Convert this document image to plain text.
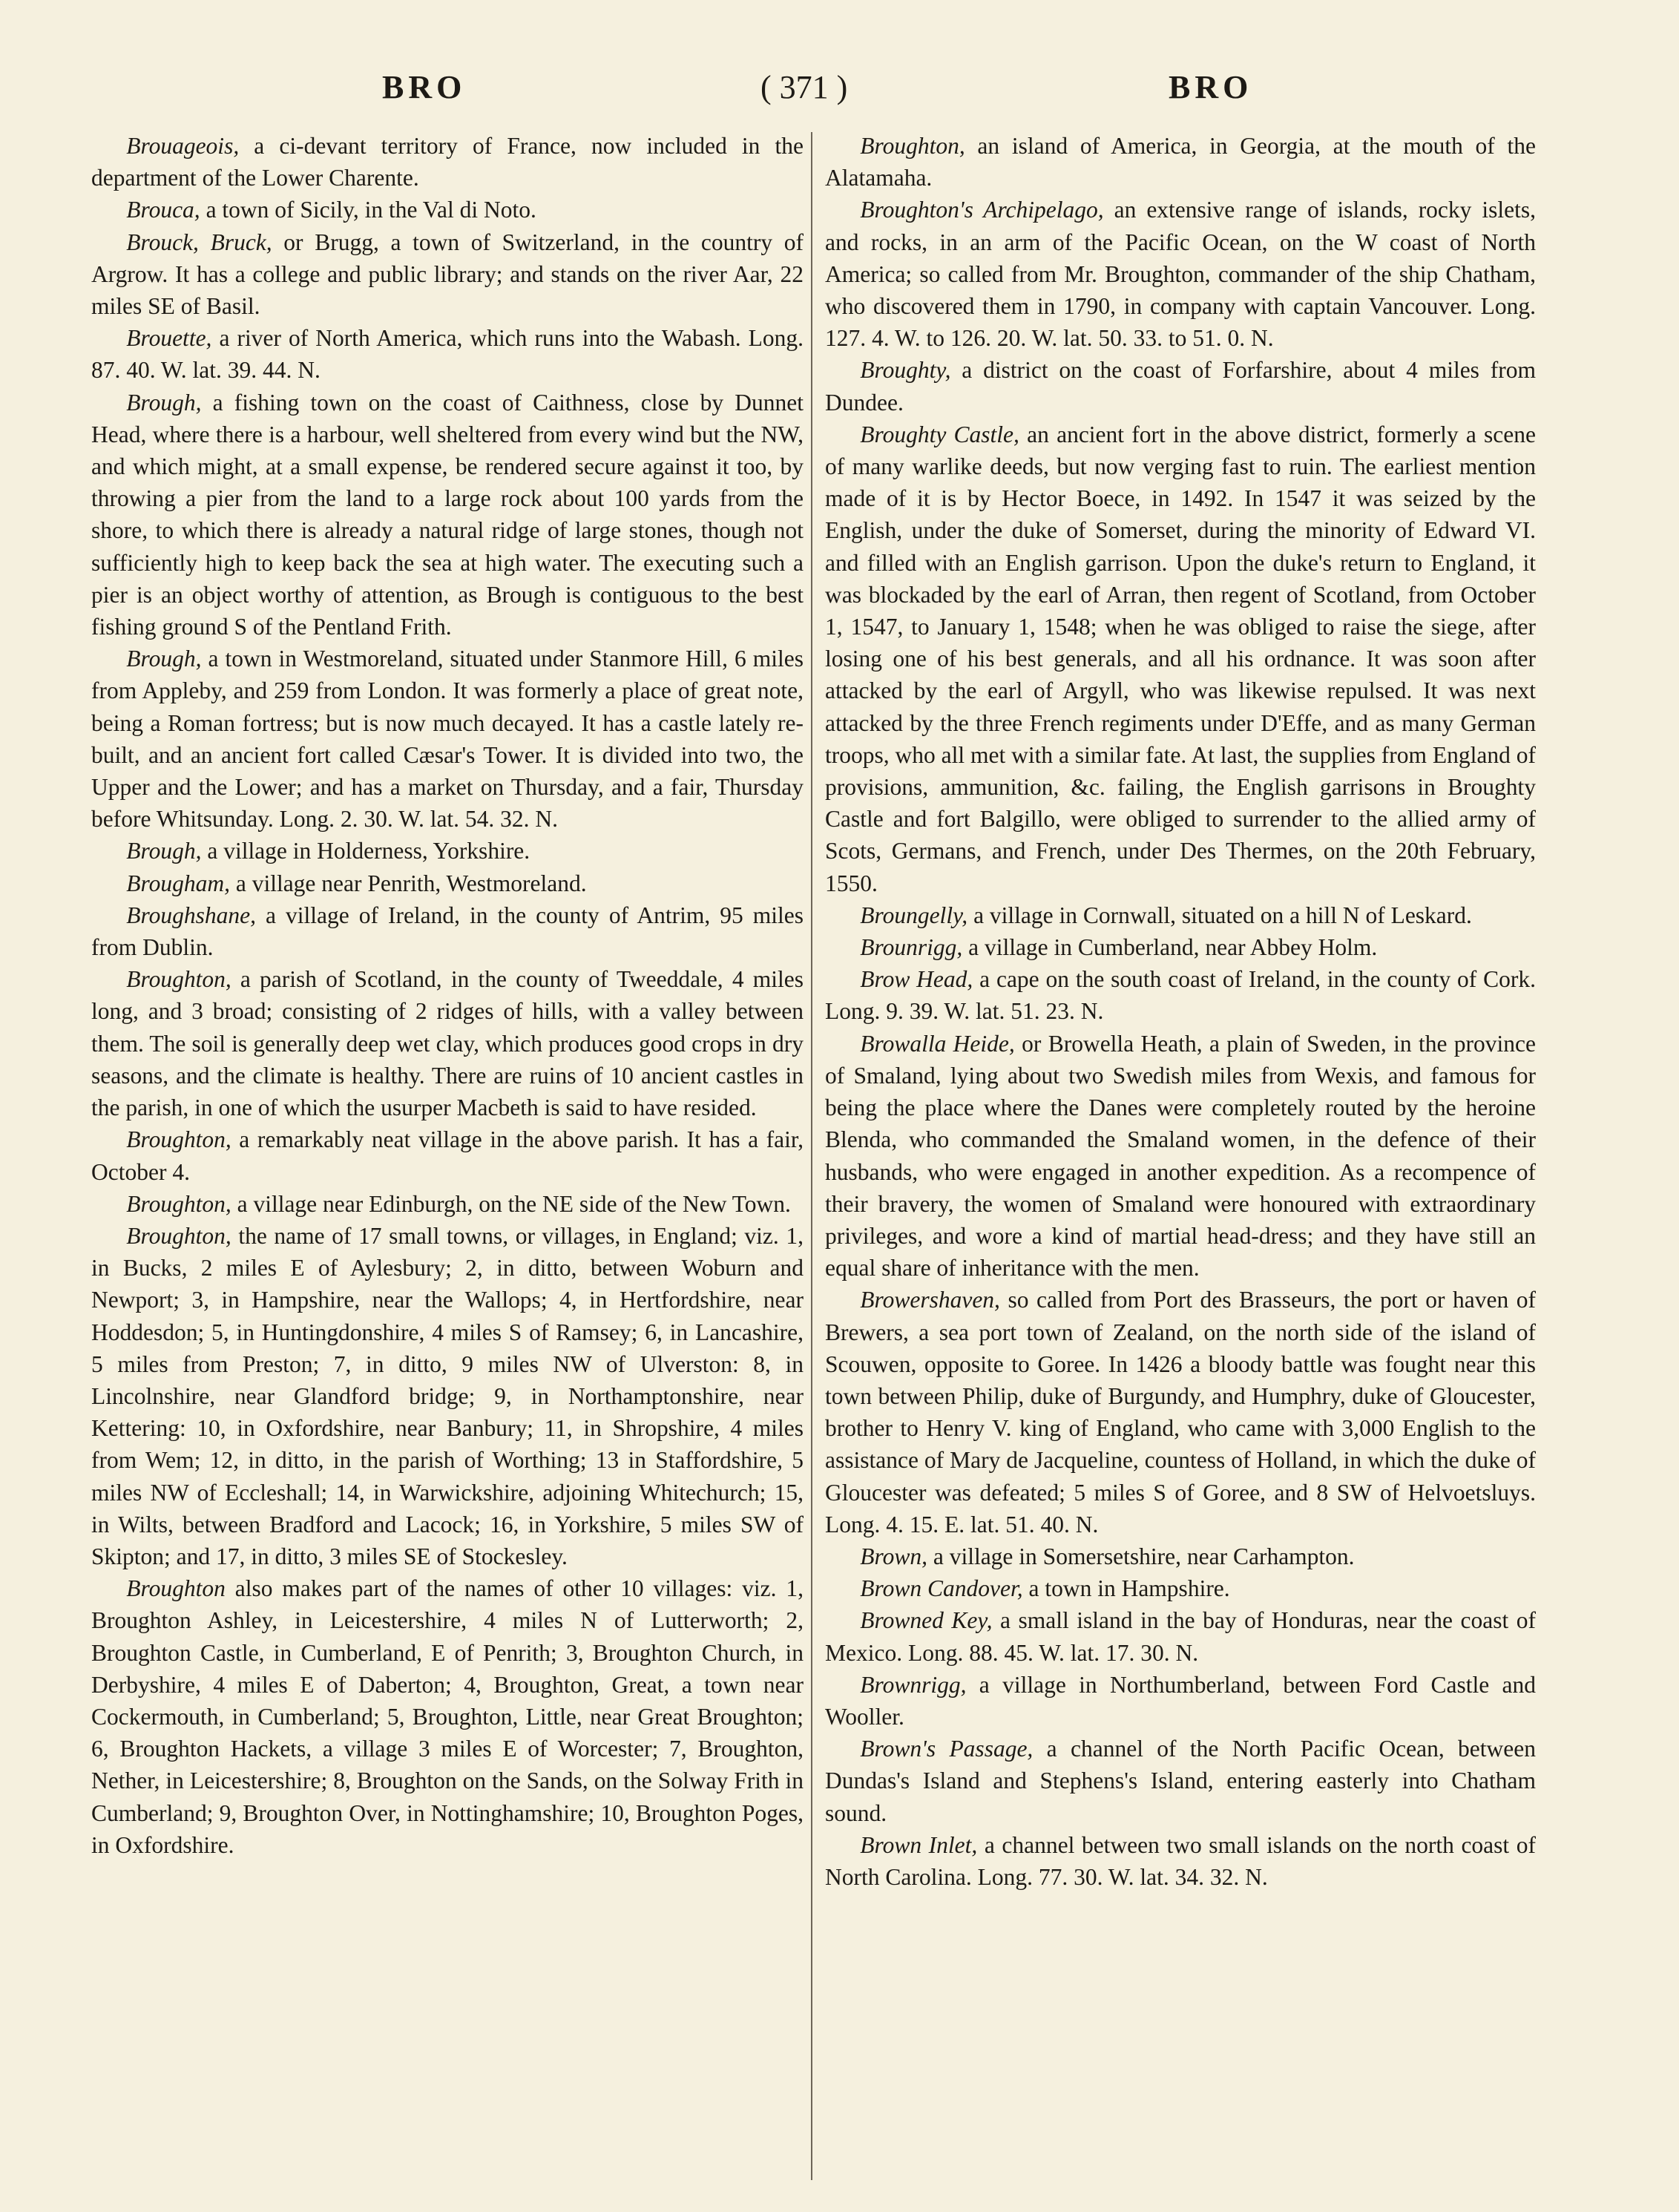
BRO	( 371 )	BRO

Brouageois, a ci-devant territory of France, now included in the department of the Lower Charente.

Brouca, a town of Sicily, in the Val di Noto.

Brouck, Bruck, or Brugg, a town of Switzerland, in the country of Argrow. It has a college and public library; and stands on the river Aar, 22 miles SE of Basil.

Brouette, a river of North America, which runs into the Wabash. Long. 87. 40. W. lat. 39. 44. N.

Brough, a fishing town on the coast of Caithness, close by Dunnet Head, where there is a harbour, well sheltered from every wind but the NW, and which might, at a small expense, be rendered secure against it too, by throwing a pier from the land to a large rock about 100 yards from the shore, to which there is already a natural ridge of large stones, though not sufficiently high to keep back the sea at high water. The executing such a pier is an object worthy of attention, as Brough is contiguous to the best fishing ground S of the Pentland Frith.

Brough, a town in Westmoreland, situated under Stanmore Hill, 6 miles from Appleby, and 259 from London. It was formerly a place of great note, being a Roman fortress; but is now much decayed. It has a castle lately re-built, and an ancient fort called Cæsar's Tower. It is divided into two, the Upper and the Lower; and has a market on Thursday, and a fair, Thursday before Whitsunday. Long. 2. 30. W. lat. 54. 32. N.

Brough, a village in Holderness, Yorkshire.

Brougham, a village near Penrith, Westmoreland.

Broughshane, a village of Ireland, in the county of Antrim, 95 miles from Dublin.

Broughton, a parish of Scotland, in the county of Tweeddale, 4 miles long, and 3 broad; consisting of 2 ridges of hills, with a valley between them. The soil is generally deep wet clay, which produces good crops in dry seasons, and the climate is healthy. There are ruins of 10 ancient castles in the parish, in one of which the usurper Macbeth is said to have resided.

Broughton, a remarkably neat village in the above parish. It has a fair, October 4.

Broughton, a village near Edinburgh, on the NE side of the New Town.

Broughton, the name of 17 small towns, or villages, in England; viz. 1, in Bucks, 2 miles E of Aylesbury; 2, in ditto, between Woburn and Newport; 3, in Hampshire, near the Wallops; 4, in Hertfordshire, near Hoddesdon; 5, in Huntingdonshire, 4 miles S of Ramsey; 6, in Lancashire, 5 miles from Preston; 7, in ditto, 9 miles NW of Ulverston: 8, in Lincolnshire, near Glandford bridge; 9, in Northamptonshire, near Kettering: 10, in Oxfordshire, near Banbury; 11, in Shropshire, 4 miles from Wem; 12, in ditto, in the parish of Worthing; 13 in Staffordshire, 5 miles NW of Eccleshall; 14, in Warwickshire, adjoining Whitechurch; 15, in Wilts, between Bradford and Lacock; 16, in Yorkshire, 5 miles SW of Skipton; and 17, in ditto, 3 miles SE of Stockesley.

Broughton also makes part of the names of other 10 villages: viz. 1, Broughton Ashley, in Leicestershire, 4 miles N of Lutterworth; 2, Broughton Castle, in Cumberland, E of Penrith; 3, Broughton Church, in Derbyshire, 4 miles E of Daberton; 4, Broughton, Great, a town near Cockermouth, in Cumberland; 5, Broughton, Little, near Great Broughton; 6, Broughton Hackets, a village 3 miles E of Worcester; 7, Broughton, Nether, in Leicestershire; 8, Broughton on the Sands, on the Solway Frith in Cumberland; 9, Broughton Over, in Nottinghamshire; 10, Broughton Poges, in Oxfordshire.

Broughton, an island of America, in Georgia, at the mouth of the Alatamaha.

Broughton's Archipelago, an extensive range of islands, rocky islets, and rocks, in an arm of the Pacific Ocean, on the W coast of North America; so called from Mr. Broughton, commander of the ship Chatham, who discovered them in 1790, in company with captain Vancouver. Long. 127. 4. W. to 126. 20. W. lat. 50. 33. to 51. 0. N.

Broughty, a district on the coast of Forfarshire, about 4 miles from Dundee.

Broughty Castle, an ancient fort in the above district, formerly a scene of many warlike deeds, but now verging fast to ruin. The earliest mention made of it is by Hector Boece, in 1492. In 1547 it was seized by the English, under the duke of Somerset, during the minority of Edward VI. and filled with an English garrison. Upon the duke's return to England, it was blockaded by the earl of Arran, then regent of Scotland, from October 1, 1547, to January 1, 1548; when he was obliged to raise the siege, after losing one of his best generals, and all his ordnance. It was soon after attacked by the earl of Argyll, who was likewise repulsed. It was next attacked by the three French regiments under D'Effe, and as many German troops, who all met with a similar fate. At last, the supplies from England of provisions, ammunition, &c. failing, the English garrisons in Broughty Castle and fort Balgillo, were obliged to surrender to the allied army of Scots, Germans, and French, under Des Thermes, on the 20th February, 1550.

Broungelly, a village in Cornwall, situated on a hill N of Leskard.

Brounrigg, a village in Cumberland, near Abbey Holm.

Brow Head, a cape on the south coast of Ireland, in the county of Cork. Long. 9. 39. W. lat. 51. 23. N.

Browalla Heide, or Browella Heath, a plain of Sweden, in the province of Smaland, lying about two Swedish miles from Wexis, and famous for being the place where the Danes were completely routed by the heroine Blenda, who commanded the Smaland women, in the defence of their husbands, who were engaged in another expedition. As a recompence of their bravery, the women of Smaland were honoured with extraordinary privileges, and wore a kind of martial head-dress; and they have still an equal share of inheritance with the men.

Browershaven, so called from Port des Brasseurs, the port or haven of Brewers, a sea port town of Zealand, on the north side of the island of Scouwen, opposite to Goree. In 1426 a bloody battle was fought near this town between Philip, duke of Burgundy, and Humphry, duke of Gloucester, brother to Henry V. king of England, who came with 3,000 English to the assistance of Mary de Jacqueline, countess of Holland, in which the duke of Gloucester was defeated; 5 miles S of Goree, and 8 SW of Helvoetsluys. Long. 4. 15. E. lat. 51. 40. N.

Brown, a village in Somersetshire, near Carhampton.

Brown Candover, a town in Hampshire.

Browned Key, a small island in the bay of Honduras, near the coast of Mexico. Long. 88. 45. W. lat. 17. 30. N.

Brownrigg, a village in Northumberland, between Ford Castle and Wooller.

Brown's Passage, a channel of the North Pacific Ocean, between Dundas's Island and Stephens's Island, entering easterly into Chatham sound.

Brown Inlet, a channel between two small islands on the north coast of North Carolina. Long. 77. 30. W. lat. 34. 32. N.
